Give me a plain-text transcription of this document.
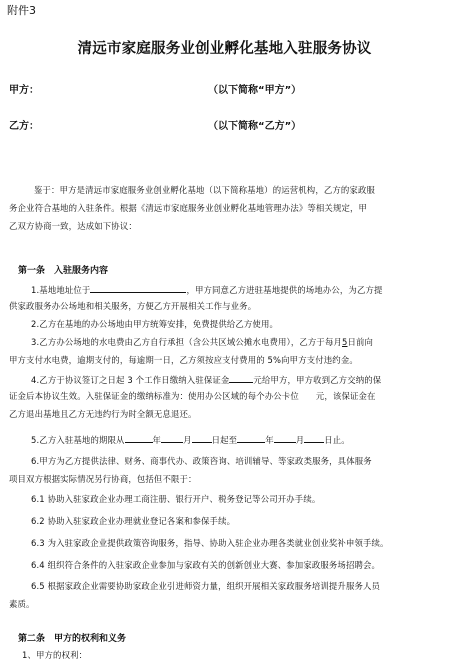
附件3
清远市家庭服务业创业孵化基地入驻服务协议
甲方：	（以下简称“甲方”）
乙方：	（以下简称“乙方”）
鉴于：甲方是清远市家庭服务业创业孵化基地（以下简称基地）的运营机构，乙方的家政服
务企业符合基地的入驻条件。根据《清远市家庭服务业创业孵化基地管理办法》等相关规定，甲
乙双方协商一致，达成如下协议：
第一条　入驻服务内容
1.基地地址位于	，甲方同意乙方进驻基地提供的场地办公，为乙方提
供家政服务办公场地和相关服务，方便乙方开展相关工作与业务。
2.乙方在基地的办公场地由甲方统筹安排，免费提供给乙方使用。
3.乙方办公场地的水电费由乙方自行承担（含公共区域公摊水电费用），乙方于每月5日前向
甲方支付水电费，逾期支付的，每逾期一日，乙方须按应支付费用的 5%向甲方支付违约金。
4.乙方于协议签订之日起 3 个工作日缴纳入驻保证金	元给甲方，甲方收到乙方交纳的保
证金后本协议生效。入驻保证金的缴纳标准为：使用办公区域的每个办公卡位　　元，该保证金在
乙方退出基地且乙方无违约行为时全额无息退还。
5.乙方入驻基地的期限从	年	月 日起至	年	月 日止。
6.甲方为乙方提供法律、财务、商事代办、政策咨询、培训辅导、等家政类服务，具体服务
项目双方根据实际情况另行协商，包括但不限于：
6.1 协助入驻家政企业办理工商注册、银行开户、税务登记等公司开办手续。
6.2 协助入驻家政企业办理就业登记各案和参保手续。
6.3 为入驻家政企业提供政策咨询服务，指导、协助入驻企业办理各类就业创业奖补申领手续。
6.4 组织符合条件的入驻家政企业参加与家政有关的创新创业大赛、参加家政服务场招聘会。
6.5 根据家政企业需要协助家政企业引进师资力量，组织开展相关家政服务培训提升服务人员
素质。
第二条　甲方的权利和义务
1、甲方的权利：
